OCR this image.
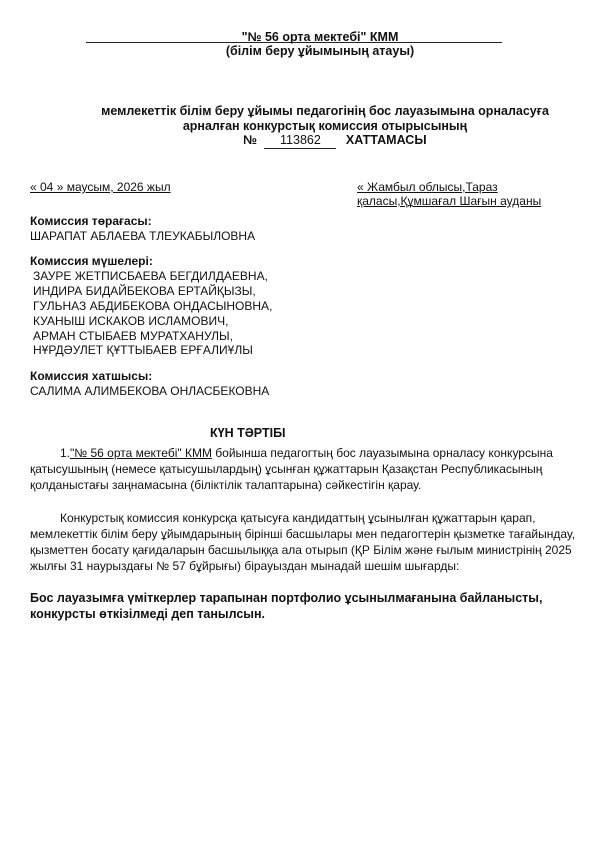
"№ 56 орта мектебі" КММ
(білім беру ұйымының атауы)
мемлекеттік білім беру ұйымы педагогінің бос лауазымына орналасуға
арналған конкурстық комиссия отырысының
№ 113862 ХАТТАМАСЫ
« 04 » маусым, 2026 жыл	« Жамбыл облысы,Тараз
қаласы,Құмшағал Шағын ауданы
Комиссия төрағасы:
ШАРАПАТ АБЛАЕВА ТЛЕУКАБЫЛОВНА
Комиссия мүшелері:
ЗАУРЕ ЖЕТПИСБАЕВА БЕГДИЛДАЕВНА,
ИНДИРА БИДАЙБЕКОВА ЕРТАЙҚЫЗЫ,
ГУЛЬНАЗ АБДИБЕКОВА ОНДАСЫНОВНА,
КУАНЫШ ИСКАКОВ ИСЛАМОВИЧ,
АРМАН СТЫБАЕВ МУРАТХАНУЛЫ,
НҰРДӘУЛЕТ ҚҰТТЫБАЕВ ЕРҒАЛИҰЛЫ
Комиссия хатшысы:
САЛИМА АЛИМБЕКОВА ОНЛАСБЕКОВНА
КҮН ТӘРТІБІ
1."№ 56 орта мектебі" КММ бойынша педагогтың бос лауазымына орналасу конкурсына қатысушының (немесе қатысушылардың) ұсынған құжаттарын Қазақстан Республикасының қолданыстағы заңнамасына (біліктілік талаптарына) сәйкестігін қарау.
Конкурстық комиссия конкурсқа қатысуға кандидаттың ұсынылған құжаттарын қарап, мемлекеттік білім беру ұйымдарының бірінші басшылары мен педагогтерін қызметке тағайындау, қызметтен босату қағидаларын басшылыққа ала отырып (ҚР Білім және ғылым министрінің 2025 жылғы 31 наурыздағы № 57 бұйрығы) бірауыздан мынадай шешім шығарды:
Бос лауазымға үміткерлер тарапынан портфолио ұсынылмағанына байланысты, конкурсты өткізілмеді деп танылсын.
